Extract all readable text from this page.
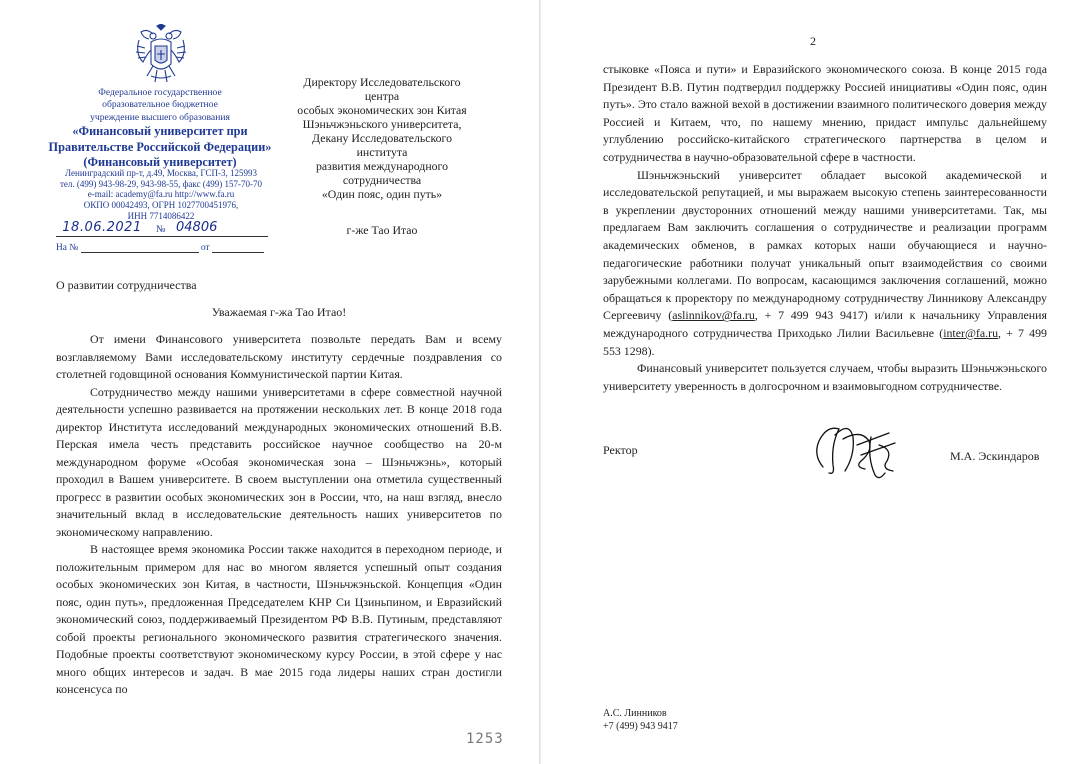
Федеральное государственное
образовательное бюджетное
учреждение высшего образования
«Финансовый университет при
Правительстве Российской Федерации»
(Финансовый университет)
Ленинградский пр-т, д.49, Москва, ГСП-3, 125993
тел. (499) 943-98-29, 943-98-55, факс (499) 157-70-70
e-mail: academy@fa.ru http://www.fa.ru
ОКПО 00042493, ОГРН 1027700451976,
ИНН 7714086422
Директору Исследовательского
центра
особых экономических зон Китая
Шэньчжэньского университета,
Декану Исследовательского
института
развития международного
сотрудничества
«Один пояс, один путь»
г-же Тао Итао
18.06.2021	№ 04806
На №	от
О развитии сотрудничества
Уважаемая г-жа Тао Итао!

От имени Финансового университета позвольте передать Вам и всему возглавляемому Вами исследовательскому институту сердечные поздравления со столетней годовщиной основания Коммунистической партии Китая.

Сотрудничество между нашими университетами в сфере совместной научной деятельности успешно развивается на протяжении нескольких лет. В конце 2018 года директор Института исследований международных экономических отношений В.В. Перская имела честь представить российское научное сообщество на 20-м международном форуме «Особая экономическая зона – Шэньчжэнь», который проходил в Вашем университете. В своем выступлении она отметила существенный прогресс в развитии особых экономических зон в России, что, на наш взгляд, внесло значительный вклад в исследовательские деятельность наших университетов по экономическому направлению.

В настоящее время экономика России также находится в переходном периоде, и положительным примером для нас во многом является успешный опыт создания особых экономических зон Китая, в частности, Шэньчжэньской. Концепция «Один пояс, один путь», предложенная Председателем КНР Си Цзиньпином, и Евразийский экономический союз, поддерживаемый Президентом РФ В.В. Путиным, представляют собой проекты регионального экономического развития стратегического значения. Подобные проекты соответствуют экономическому курсу России, в этой сфере у нас много общих интересов и задач. В мае 2015 года лидеры наших стран достигли консенсуса по

1253
2

стыковке «Пояса и пути» и Евразийского экономического союза. В конце 2015 года Президент В.В. Путин подтвердил поддержку Россией инициативы «Один пояс, один путь». Это стало важной вехой в достижении взаимного политического доверия между Россией и Китаем, что, по нашему мнению, придаст импульс дальнейшему углублению российско-китайского стратегического партнерства в целом и сотрудничества в научно-образовательной сфере в частности.

Шэньчжэньский университет обладает высокой академической и исследовательской репутацией, и мы выражаем высокую степень заинтересованности в укреплении двусторонних отношений между нашими университетами. Так, мы предлагаем Вам заключить соглашения о сотрудничестве и реализации программ академических обменов, в рамках которых наши обучающиеся и научно-педагогические работники получат уникальный опыт взаимодействия со своими зарубежными коллегами. По вопросам, касающимся заключения соглашений, можно обращаться к проректору по международному сотрудничеству Линникову Александру Сергеевичу (aslinnikov@fa.ru, + 7 499 943 9417) и/или к начальнику Управления международного сотрудничества Приходько Лилии Васильевне (inter@fa.ru, + 7 499 553 1298).

Финансовый университет пользуется случаем, чтобы выразить Шэньчжэньского университету уверенность в долгосрочном и взаимовыгодном сотрудничестве.

Ректор	М.А. Эскиндаров
А.С. Линников
+7 (499) 943 9417
